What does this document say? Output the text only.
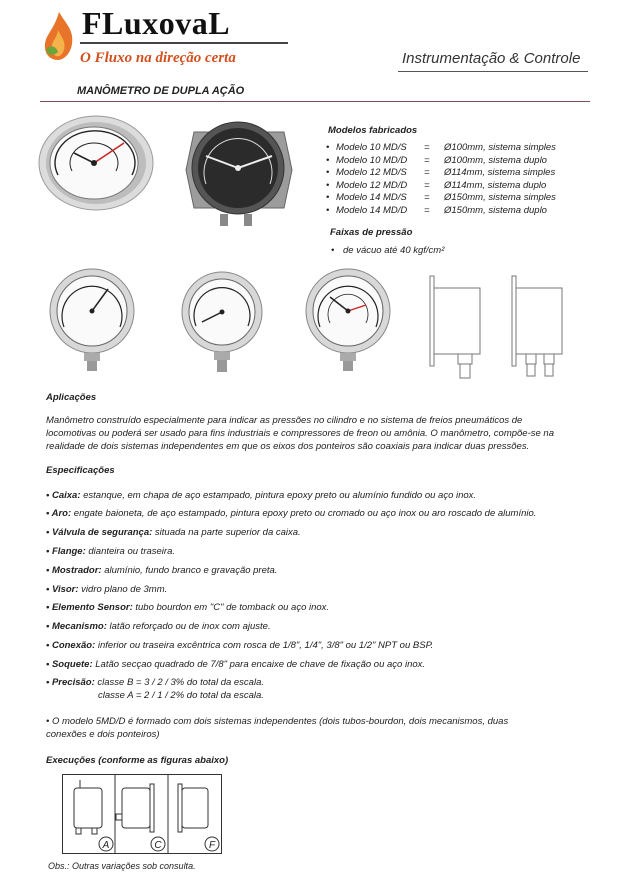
FLuxovaL
O Fluxo na direção certa	Instrumentação & Controle
MANÔMETRO DE DUPLA AÇÃO
Modelos fabricados
• Modelo 10 MD/S = Ø100mm, sistema simples
• Modelo 10 MD/D = Ø100mm, sistema duplo
• Modelo 12 MD/S = Ø114mm, sistema simples
• Modelo 12 MD/D = Ø114mm, sistema duplo
• Modelo 14 MD/S = Ø150mm, sistema simples
• Modelo 14 MD/D = Ø150mm, sistema duplo
Faixas de pressão
• de vácuo até 40 kgf/cm²
Aplicações

Manômetro construído especialmente para indicar as pressões no cilindro e no sistema de freios pneumáticos de

locomotivas ou poderá ser usado para fins industriais e compressores de freon ou amônia. O manômetro, compõe-se na

realidade de dois sistemas independentes em que os eixos dos ponteiros são coaxiais para indicar duas pressões.

Especificações

• Caixa: estanque, em chapa de aço estampado, pintura epoxy preto ou alumínio fundido ou aço inox.

• Aro: engate baioneta, de aço estampado, pintura epoxy preto ou cromado ou aço inox ou aro roscado de alumínio.

• Válvula de segurança: situada na parte superior da caixa.

• Flange: dianteira ou traseira.

• Mostrador: alumínio, fundo branco e gravação preta.

• Visor: vidro plano de 3mm.

• Elemento Sensor: tubo bourdon em "C" de tomback ou aço inox.

• Mecanismo: latão reforçado ou de inox com ajuste.

• Conexão: inferior ou traseira excêntrica com rosca de 1/8", 1/4", 3/8" ou 1/2" NPT ou BSP.

• Soquete: Latão secçao quadrado de 7/8" para encaixe de chave de fixação ou aço inox.

• Precisão: classe B = 3 / 2 / 3% do total da escala.

classe A = 2 / 1 / 2% do total da escala.

• O modelo 5MD/D é formado com dois sistemas independentes (dois tubos-bourdon, dois mecanismos, duas

conexões e dois ponteiros)

Execuções (conforme as figuras abaixo)
A	C	F
Obs.: Outras variações sob consulta.
